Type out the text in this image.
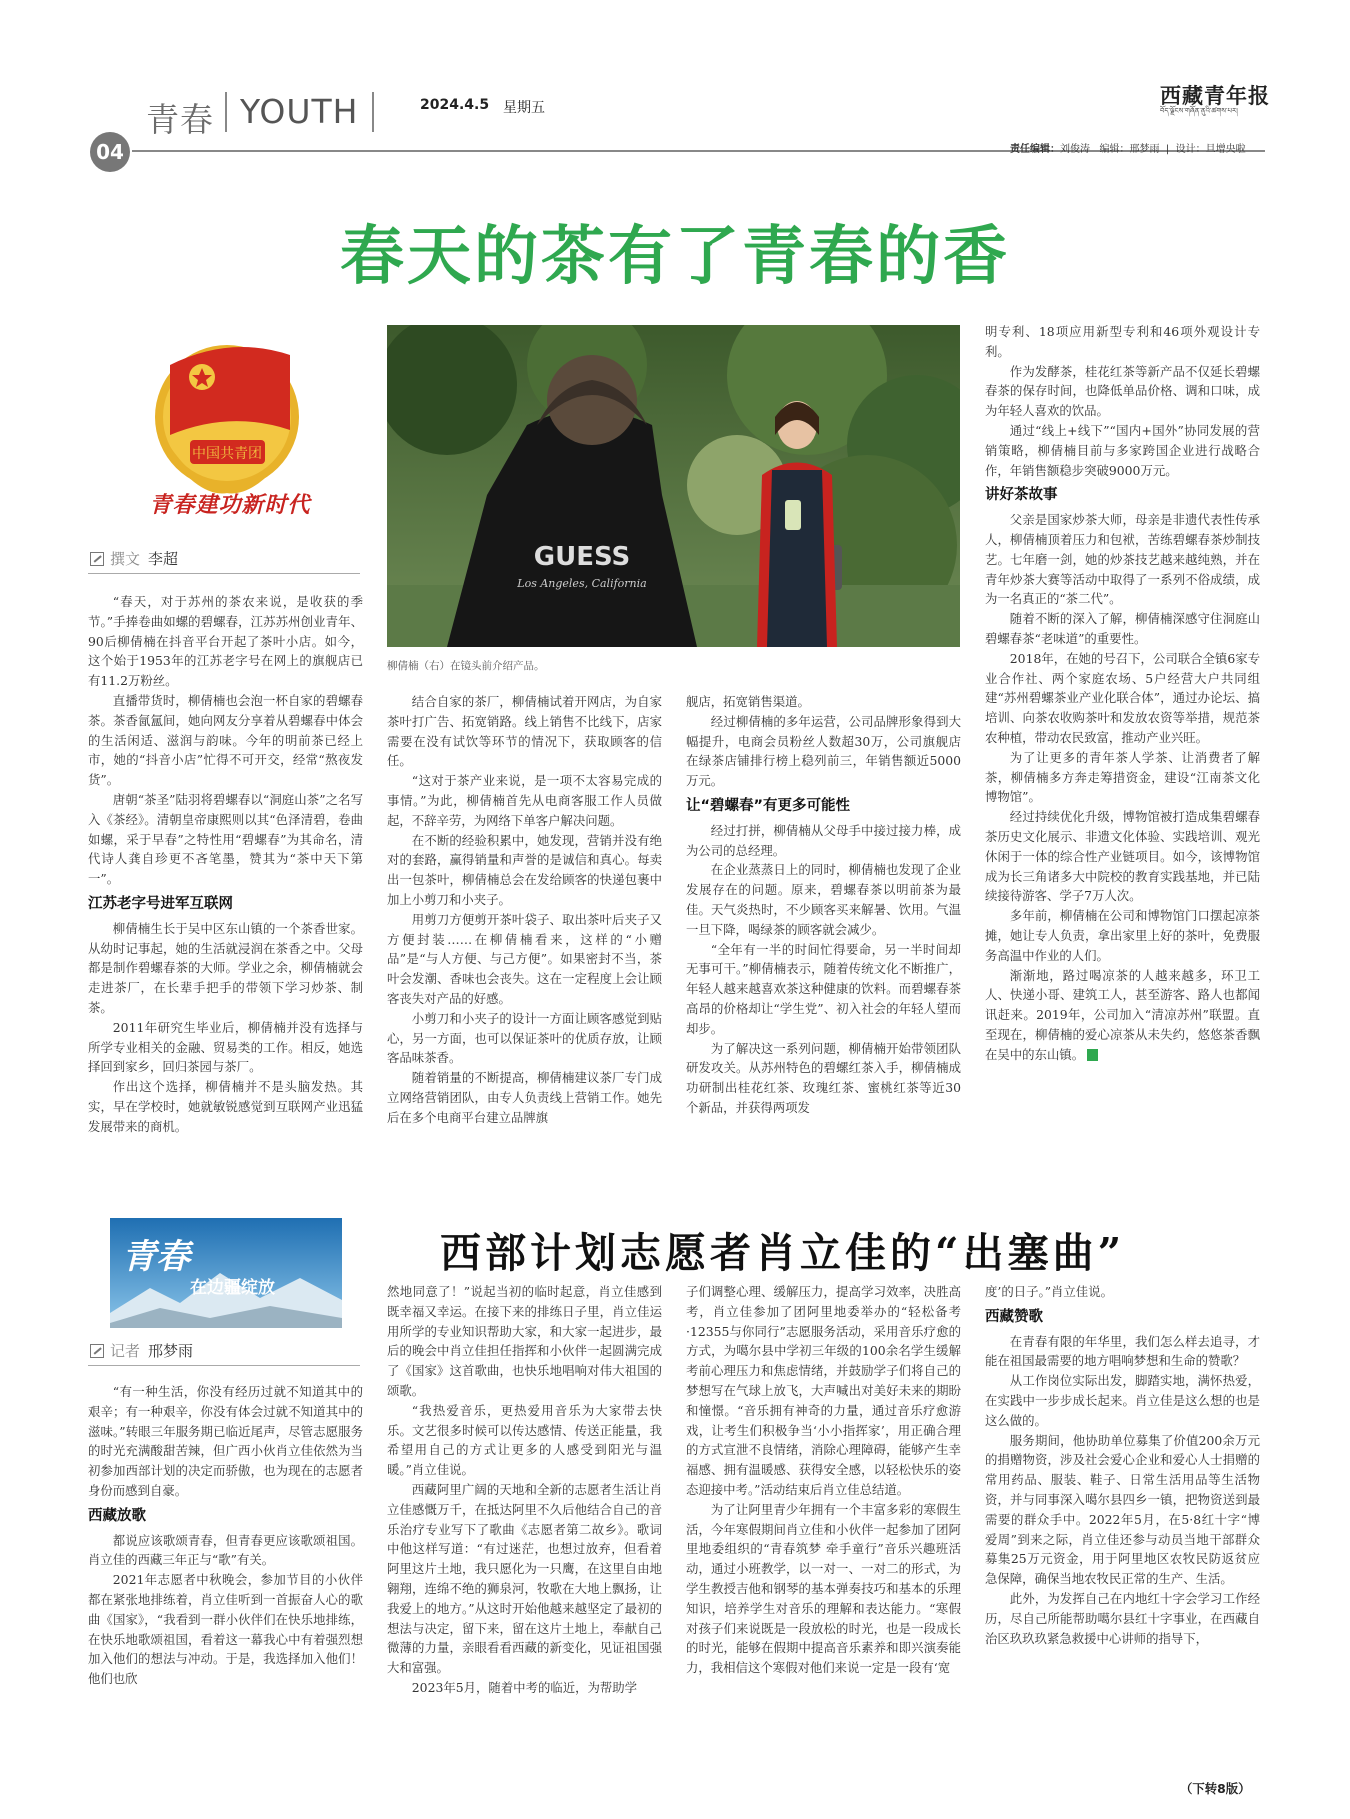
青春 YOUTH	2024.4.5 星期五
04
西藏青年报
བོད་ལྗོངས་གཞོན་ནུའི་ཚགས་པར།
责任编辑：刘俊涛 编辑：邢梦雨  |  设计：旦增央啦
春天的茶有了青春的香
中国共青团
青春建功新时代
撰文 李超	GUESS
Los Angeles, California
柳倩楠（右）在镜头前介绍产品。

“春天，对于苏州的茶农来说，是收获的季节。”手捧卷曲如螺的碧螺春，江苏苏州创业青年、90后柳倩楠在抖音平台开起了茶叶小店。如今，这个始于1953年的江苏老字号在网上的旗舰店已有11.2万粉丝。

直播带货时，柳倩楠也会泡一杯自家的碧螺春茶。茶香氤氲间，她向网友分享着从碧螺春中体会的生活闲适、滋润与韵味。今年的明前茶已经上市，她的“抖音小店”忙得不可开交，经常“熬夜发货”。

唐朝“茶圣”陆羽将碧螺春以“洞庭山茶”之名写入《茶经》。清朝皇帝康熙则以其“色泽清碧，卷曲如螺，采于早春”之特性用“碧螺春”为其命名，清代诗人龚自珍更不吝笔墨，赞其为“茶中天下第一”。

江苏老字号进军互联网

柳倩楠生长于吴中区东山镇的一个茶香世家。从幼时记事起，她的生活就浸润在茶香之中。父母都是制作碧螺春茶的大师。学业之余，柳倩楠就会走进茶厂，在长辈手把手的带领下学习炒茶、制茶。

2011年研究生毕业后，柳倩楠并没有选择与所学专业相关的金融、贸易类的工作。相反，她选择回到家乡，回归茶园与茶厂。

作出这个选择，柳倩楠并不是头脑发热。其实，早在学校时，她就敏锐感觉到互联网产业迅猛发展带来的商机。

结合自家的茶厂，柳倩楠试着开网店，为自家茶叶打广告、拓宽销路。线上销售不比线下，店家需要在没有试饮等环节的情况下，获取顾客的信任。

“这对于茶产业来说，是一项不太容易完成的事情。”为此，柳倩楠首先从电商客服工作人员做起，不辞辛劳，为网络下单客户解决问题。

在不断的经验积累中，她发现，营销并没有绝对的套路，赢得销量和声誉的是诚信和真心。每卖出一包茶叶，柳倩楠总会在发给顾客的快递包裹中加上小剪刀和小夹子。

用剪刀方便剪开茶叶袋子、取出茶叶后夹子又方便封装……在柳倩楠看来，这样的“小赠品”是“与人方便、与己方便”。如果密封不当，茶叶会发潮、香味也会丧失。这在一定程度上会让顾客丧失对产品的好感。

小剪刀和小夹子的设计一方面让顾客感觉到贴心，另一方面，也可以保证茶叶的优质存放，让顾客品味茶香。

随着销量的不断提高，柳倩楠建议茶厂专门成立网络营销团队，由专人负责线上营销工作。她先后在多个电商平台建立品牌旗

舰店，拓宽销售渠道。

经过柳倩楠的多年运营，公司品牌形象得到大幅提升，电商会员粉丝人数超30万，公司旗舰店在绿茶店铺排行榜上稳列前三，年销售额近5000万元。

让“碧螺春”有更多可能性

经过打拼，柳倩楠从父母手中接过接力棒，成为公司的总经理。

在企业蒸蒸日上的同时，柳倩楠也发现了企业发展存在的问题。原来，碧螺春茶以明前茶为最佳。天气炎热时，不少顾客买来解暑、饮用。气温一旦下降，喝绿茶的顾客就会减少。

“全年有一半的时间忙得要命，另一半时间却无事可干。”柳倩楠表示，随着传统文化不断推广，年轻人越来越喜欢茶这种健康的饮料。而碧螺春茶高昂的价格却让“学生党”、初入社会的年轻人望而却步。

为了解决这一系列问题，柳倩楠开始带领团队研发攻关。从苏州特色的碧螺红茶入手，柳倩楠成功研制出桂花红茶、玫瑰红茶、蜜桃红茶等近30个新品，并获得两项发

明专利、18项应用新型专利和46项外观设计专利。

作为发酵茶，桂花红茶等新产品不仅延长碧螺春茶的保存时间，也降低单品价格、调和口味，成为年轻人喜欢的饮品。

通过“线上+线下”“国内+国外”协同发展的营销策略，柳倩楠目前与多家跨国企业进行战略合作，年销售额稳步突破9000万元。

讲好茶故事

父亲是国家炒茶大师，母亲是非遗代表性传承人，柳倩楠顶着压力和包袱，苦练碧螺春茶炒制技艺。七年磨一剑，她的炒茶技艺越来越纯熟，并在青年炒茶大赛等活动中取得了一系列不俗成绩，成为一名真正的“茶二代”。

随着不断的深入了解，柳倩楠深感守住洞庭山碧螺春茶“老味道”的重要性。

2018年，在她的号召下，公司联合全镇6家专业合作社、两个家庭农场、5户经营大户共同组建“苏州碧螺茶业产业化联合体”，通过办论坛、搞培训、向茶农收购茶叶和发放农资等举措，规范茶农种植，带动农民致富，推动产业兴旺。

为了让更多的青年茶人学茶、让消费者了解茶，柳倩楠多方奔走筹措资金，建设“江南茶文化博物馆”。

经过持续优化升级，博物馆被打造成集碧螺春茶历史文化展示、非遗文化体验、实践培训、观光休闲于一体的综合性产业链项目。如今，该博物馆成为长三角诸多大中院校的教育实践基地，并已陆续接待游客、学子7万人次。

多年前，柳倩楠在公司和博物馆门口摆起凉茶摊，她让专人负责，拿出家里上好的茶叶，免费服务高温中作业的人们。

渐渐地，路过喝凉茶的人越来越多，环卫工人、快递小哥、建筑工人，甚至游客、路人也都闻讯赶来。2019年，公司加入“清凉苏州”联盟。直至现在，柳倩楠的爱心凉茶从未失约，悠悠茶香飘在吴中的东山镇。

青春
在边疆绽放
西部计划志愿者肖立佳的“出塞曲”
记者 邢梦雨

“有一种生活，你没有经历过就不知道其中的艰辛；有一种艰辛，你没有体会过就不知道其中的滋味。”转眼三年服务期已临近尾声，尽管志愿服务的时光充满酸甜苦辣，但广西小伙肖立佳依然为当初参加西部计划的决定而骄傲，也为现在的志愿者身份而感到自豪。

西藏放歌

都说应该歌颂青春，但青春更应该歌颂祖国。肖立佳的西藏三年正与“歌”有关。

2021年志愿者中秋晚会，参加节目的小伙伴都在紧张地排练着，肖立佳听到一首振奋人心的歌曲《国家》，“我看到一群小伙伴们在快乐地排练，在快乐地歌颂祖国，看着这一幕我心中有着强烈想加入他们的想法与冲动。于是，我选择加入他们！他们也欣

然地同意了！”说起当初的临时起意，肖立佳感到既幸福又幸运。在接下来的排练日子里，肖立佳运用所学的专业知识帮助大家，和大家一起进步，最后的晚会中肖立佳担任指挥和小伙伴一起圆满完成了《国家》这首歌曲，也快乐地唱响对伟大祖国的颂歌。

“我热爱音乐，更热爱用音乐为大家带去快乐。文艺很多时候可以传达感情、传送正能量，我希望用自己的方式让更多的人感受到阳光与温暖。”肖立佳说。

西藏阿里广阔的天地和全新的志愿者生活让肖立佳感慨万千，在抵达阿里不久后他结合自己的音乐治疗专业写下了歌曲《志愿者第二故乡》。歌词中他这样写道：“有过迷茫，也想过放弃，但看着阿里这片土地，我只愿化为一只鹰，在这里自由地翱翔，连绵不绝的狮泉河，牧歌在大地上飘扬，让我爱上的地方。”从这时开始他越来越坚定了最初的想法与决定，留下来，留在这片土地上，奉献自己微薄的力量，亲眼看看西藏的新变化，见证祖国强大和富强。

2023年5月，随着中考的临近，为帮助学

子们调整心理、缓解压力，提高学习效率，决胜高考，肖立佳参加了团阿里地委举办的“轻松备考·12355与你同行”志愿服务活动，采用音乐疗愈的方式，为噶尔县中学初三年级的100余名学生缓解考前心理压力和焦虑情绪，并鼓励学子们将自己的梦想写在气球上放飞，大声喊出对美好未来的期盼和憧憬。“音乐拥有神奇的力量，通过音乐疗愈游戏，让考生们积极争当‘小小指挥家’，用正确合理的方式宣泄不良情绪，消除心理障碍，能够产生幸福感、拥有温暖感、获得安全感，以轻松快乐的姿态迎接中考。”活动结束后肖立佳总结道。

为了让阿里青少年拥有一个丰富多彩的寒假生活，今年寒假期间肖立佳和小伙伴一起参加了团阿里地委组织的“青春筑梦 牵手童行”音乐兴趣班活动，通过小班教学，以一对一、一对二的形式，为学生教授吉他和钢琴的基本弹奏技巧和基本的乐理知识，培养学生对音乐的理解和表达能力。“寒假对孩子们来说既是一段放松的时光，也是一段成长的时光，能够在假期中提高音乐素养和即兴演奏能力，我相信这个寒假对他们来说一定是一段有‘宽

度’的日子。”肖立佳说。

西藏赞歌

在青春有限的年华里，我们怎么样去追寻，才能在祖国最需要的地方唱响梦想和生命的赞歌？

从工作岗位实际出发，脚踏实地，满怀热爱，在实践中一步步成长起来。肖立佳是这么想的也是这么做的。

服务期间，他协助单位募集了价值200余万元的捐赠物资，涉及社会爱心企业和爱心人士捐赠的常用药品、服装、鞋子、日常生活用品等生活物资，并与同事深入噶尔县四乡一镇，把物资送到最需要的群众手中。2022年5月，在5·8红十字“博爱周”到来之际，肖立佳还参与动员当地干部群众募集25万元资金，用于阿里地区农牧民防返贫应急保障，确保当地农牧民正常的生产、生活。

此外，为发挥自己在内地红十字会学习工作经历，尽自己所能帮助噶尔县红十字事业，在西藏自治区玖玖玖紧急救援中心讲师的指导下，

（下转8版）
